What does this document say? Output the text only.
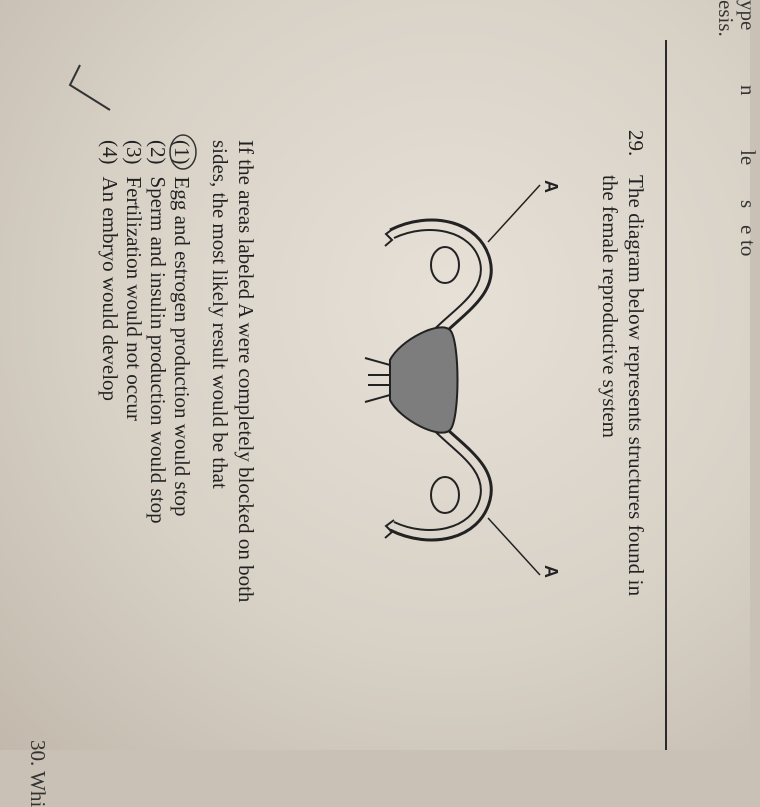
ype
esis.
n
le
s
e
to
29.
The diagram below represents structures found in
the female reproductive system
A
A
If the areas labeled A were completely blocked on both
sides, the most likely result would be that
(1) Egg and estrogen production would stop
(2) Sperm and insulin production would stop
(3) Fertilization would not occur
(4) An embryo would develop
30. Whi
